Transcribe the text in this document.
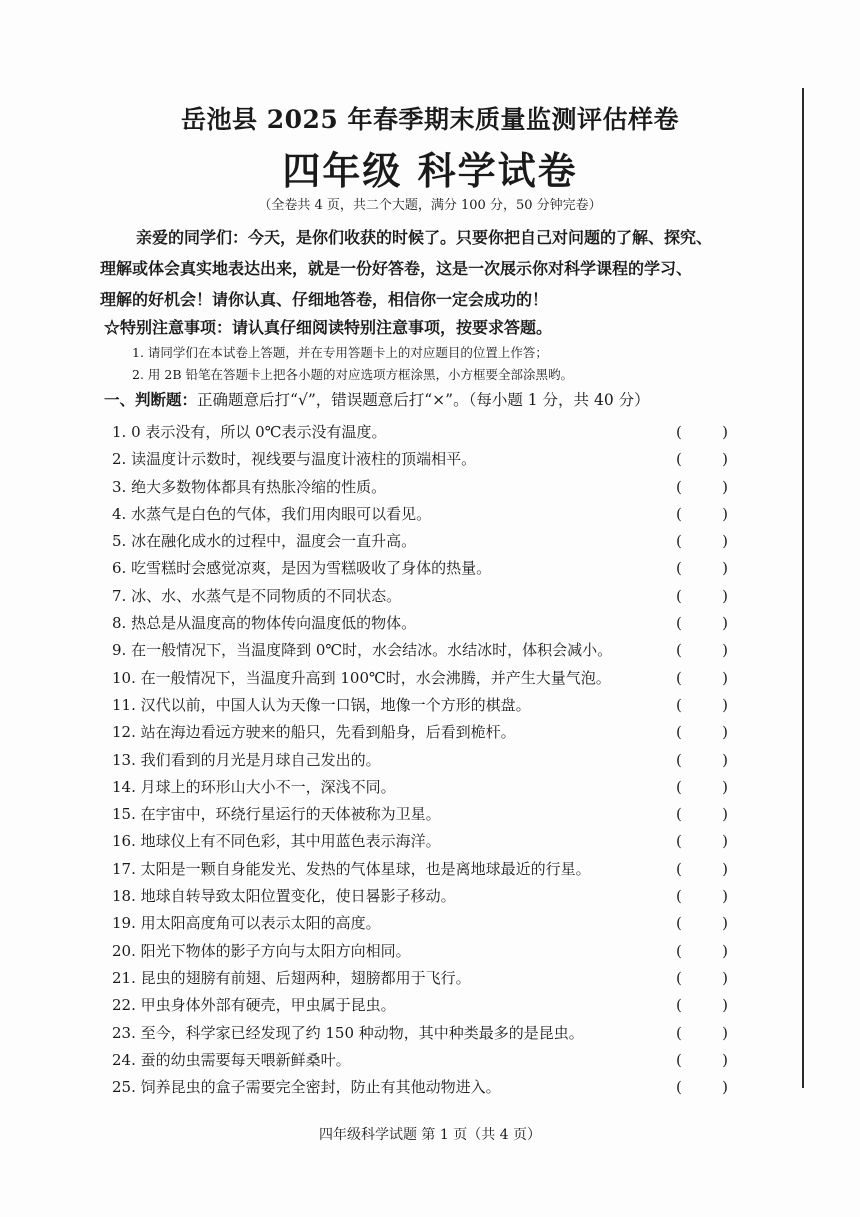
岳池县 2025 年春季期末质量监测评估样卷
四年级 科学试卷
（全卷共 4 页，共二个大题，满分 100 分，50 分钟完卷）
亲爱的同学们：今天，是你们收获的时候了。只要你把自己对问题的了解、探究、
理解或体会真实地表达出来，就是一份好答卷，这是一次展示你对科学课程的学习、
理解的好机会！请你认真、仔细地答卷，相信你一定会成功的！
☆特别注意事项：请认真仔细阅读特别注意事项，按要求答题。
1. 请同学们在本试卷上答题，并在专用答题卡上的对应题目的位置上作答；
2. 用 2B 铅笔在答题卡上把各小题的对应选项方框涂黑，小方框要全部涂黑哟。
一、判断题：正确题意后打“√”，错误题意后打“×”。（每小题 1 分，共 40 分）
1. 0 表示没有，所以 0℃表示没有温度。	(	)
2. 读温度计示数时，视线要与温度计液柱的顶端相平。	(	)
3. 绝大多数物体都具有热胀冷缩的性质。	(	)
4. 水蒸气是白色的气体，我们用肉眼可以看见。	(	)
5. 冰在融化成水的过程中，温度会一直升高。	(	)
6. 吃雪糕时会感觉凉爽，是因为雪糕吸收了身体的热量。	(	)
7. 冰、水、水蒸气是不同物质的不同状态。	(	)
8. 热总是从温度高的物体传向温度低的物体。	(	)
9. 在一般情况下，当温度降到 0℃时，水会结冰。水结冰时，体积会减小。	(	)
10. 在一般情况下，当温度升高到 100℃时，水会沸腾，并产生大量气泡。	(	)
11. 汉代以前，中国人认为天像一口锅，地像一个方形的棋盘。	(	)
12. 站在海边看远方驶来的船只，先看到船身，后看到桅杆。	(	)
13. 我们看到的月光是月球自己发出的。	(	)
14. 月球上的环形山大小不一，深浅不同。	(	)
15. 在宇宙中，环绕行星运行的天体被称为卫星。	(	)
16. 地球仪上有不同色彩，其中用蓝色表示海洋。	(	)
17. 太阳是一颗自身能发光、发热的气体星球，也是离地球最近的行星。	(	)
18. 地球自转导致太阳位置变化，使日晷影子移动。	(	)
19. 用太阳高度角可以表示太阳的高度。	(	)
20. 阳光下物体的影子方向与太阳方向相同。	(	)
21. 昆虫的翅膀有前翅、后翅两种，翅膀都用于飞行。	(	)
22. 甲虫身体外部有硬壳，甲虫属于昆虫。	(	)
23. 至今，科学家已经发现了约 150 种动物，其中种类最多的是昆虫。	(	)
24. 蚕的幼虫需要每天喂新鲜桑叶。	(	)
25. 饲养昆虫的盒子需要完全密封，防止有其他动物进入。	(	)
四年级科学试题 第 1 页（共 4 页）
